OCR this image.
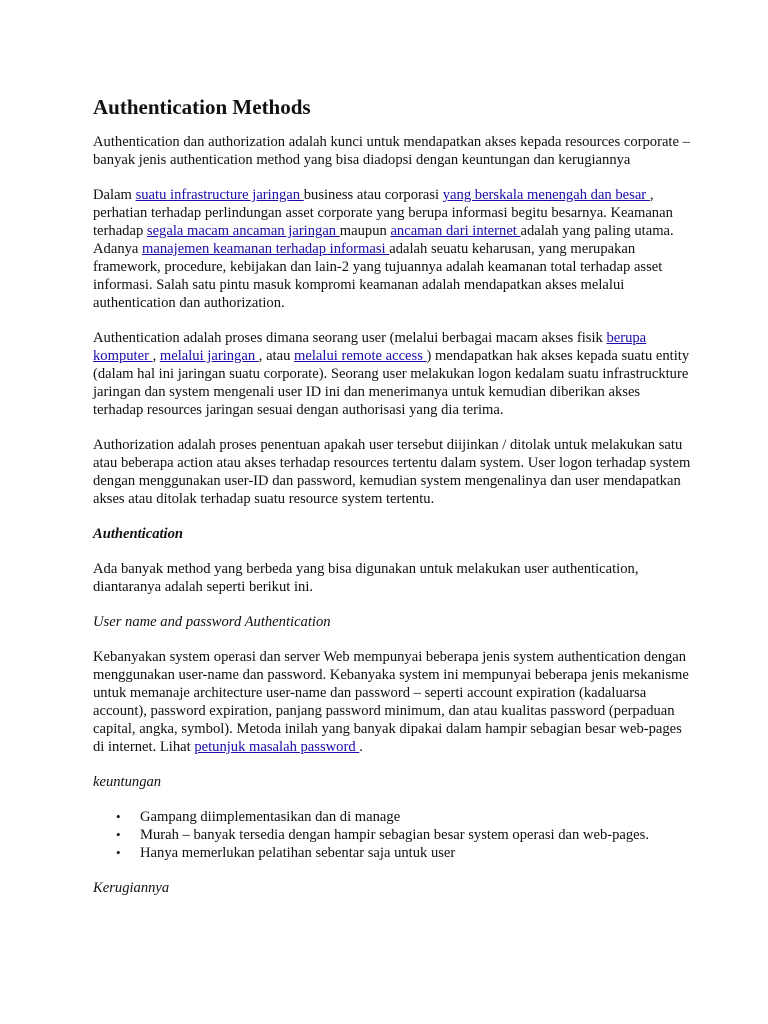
Authentication Methods

Authentication dan authorization adalah kunci untuk mendapatkan akses kepada resources corporate – banyak jenis authentication method yang bisa diadopsi dengan keuntungan dan kerugiannya

Dalam suatu infrastructure jaringan business atau corporasi yang berskala menengah dan besar , perhatian terhadap perlindungan asset corporate yang berupa informasi begitu besarnya. Keamanan terhadap segala macam ancaman jaringan maupun ancaman dari internet adalah yang paling utama. Adanya manajemen keamanan terhadap informasi adalah seuatu keharusan, yang merupakan framework, procedure, kebijakan dan lain-2 yang tujuannya adalah keamanan total terhadap asset informasi. Salah satu pintu masuk kompromi keamanan adalah mendapatkan akses melalui authentication dan authorization.

Authentication adalah proses dimana seorang user (melalui berbagai macam akses fisik berupa komputer , melalui jaringan , atau melalui remote access ) mendapatkan hak akses kepada suatu entity (dalam hal ini jaringan suatu corporate). Seorang user melakukan logon kedalam suatu infrastruckture jaringan dan system mengenali user ID ini dan menerimanya untuk kemudian diberikan akses terhadap resources jaringan sesuai dengan authorisasi yang dia terima.

Authorization adalah proses penentuan apakah user tersebut diijinkan / ditolak untuk melakukan satu atau beberapa action atau akses terhadap resources tertentu dalam system. User logon terhadap system dengan menggunakan user-ID dan password, kemudian system mengenalinya dan user mendapatkan akses atau ditolak terhadap suatu resource system tertentu.

Authentication

Ada banyak method yang berbeda yang bisa digunakan untuk melakukan user authentication, diantaranya adalah seperti berikut ini.

User name and password Authentication

Kebanyakan system operasi dan server Web mempunyai beberapa jenis system authentication dengan menggunakan user-name dan password. Kebanyaka system ini mempunyai beberapa jenis mekanisme untuk memanaje architecture user-name dan password – seperti account expiration (kadaluarsa account), password expiration, panjang password minimum, dan atau kualitas password (perpaduan capital, angka, symbol). Metoda inilah yang banyak dipakai dalam hampir sebagian besar web-pages di internet. Lihat petunjuk masalah password .

keuntungan
• Gampang diimplementasikan dan di manage
• Murah – banyak tersedia dengan hampir sebagian besar system operasi dan web-pages.
• Hanya memerlukan pelatihan sebentar saja untuk user
Kerugiannya
